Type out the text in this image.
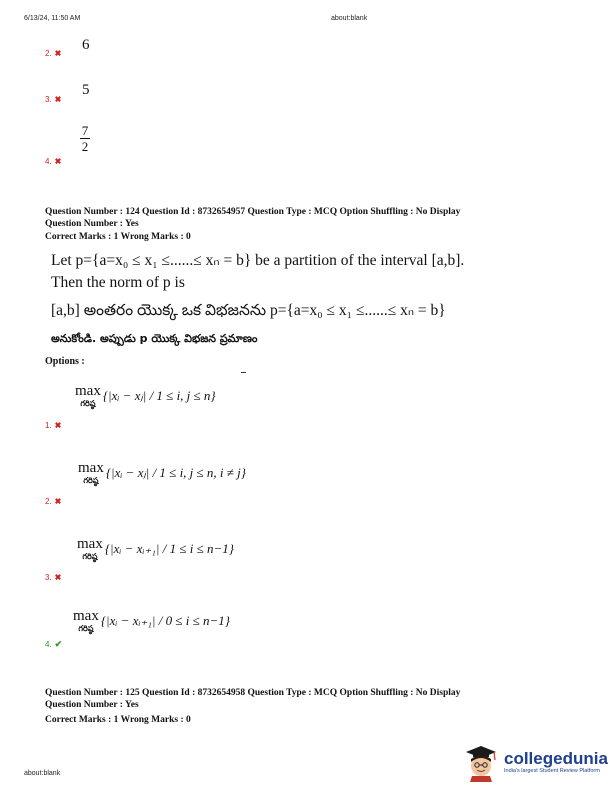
6/13/24, 11:50 AM	about:blank
2. ✖
6
3. ✖
5
4. ✖
7
2
Question Number : 124 Question Id : 8732654957 Question Type : MCQ Option Shuffling : No Display
Question Number : Yes
Correct Marks : 1 Wrong Marks : 0
Let p={a=x₀ ≤ x₁ ≤......≤ xₙ = b} be a partition of the interval [a,b].
Then the norm of p is
[a,b] అంతరం యొక్క ఒక విభజనను p={a=x₀ ≤ x₁ ≤......≤ xₙ = b}
అనుకోండి. అప్పుడు p యొక్క విభజన ప్రమాణం
Options :
max
గరిష్ఠ
{|xᵢ − xⱼ| / 1 ≤ i, j ≤ n}
1. ✖
max
గరిష్ఠ
{|xᵢ − xⱼ| / 1 ≤ i, j ≤ n, i ≠ j}
2. ✖
max
గరిష్ఠ
{|xᵢ − xᵢ₊₁| / 1 ≤ i ≤ n−1}
3. ✖
max
గరిష్ఠ
{|xᵢ − xᵢ₊₁| / 0 ≤ i ≤ n−1}
4. ✔
Question Number : 125 Question Id : 8732654958 Question Type : MCQ Option Shuffling : No Display
Question Number : Yes
Correct Marks : 1 Wrong Marks : 0
about:blank
collegedunia
India's largest Student Review Platform
